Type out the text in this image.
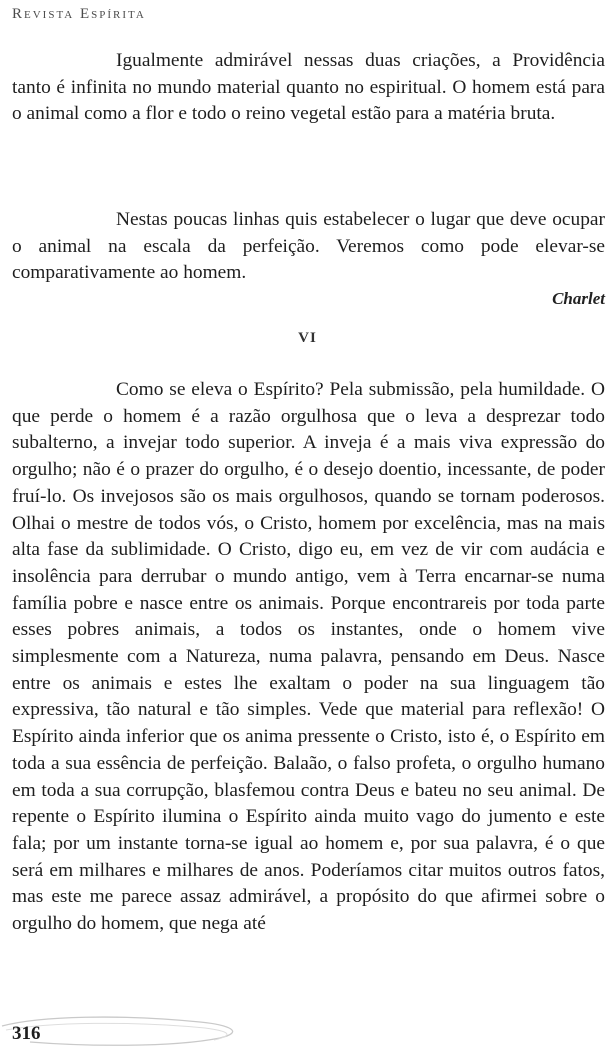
Revista Espírita

Igualmente admirável nessas duas criações, a Providência tanto é infinita no mundo material quanto no espiritual. O homem está para o animal como a flor e todo o reino vegetal estão para a matéria bruta.

Nestas poucas linhas quis estabelecer o lugar que deve ocupar o animal na escala da perfeição. Veremos como pode elevar-se comparativamente ao homem.

Charlet
VI

Como se eleva o Espírito? Pela submissão, pela humildade. O que perde o homem é a razão orgulhosa que o leva a desprezar todo subalterno, a invejar todo superior. A inveja é a mais viva expressão do orgulho; não é o prazer do orgulho, é o desejo doentio, incessante, de poder fruí-lo. Os invejosos são os mais orgulhosos, quando se tornam poderosos. Olhai o mestre de todos vós, o Cristo, homem por excelência, mas na mais alta fase da sublimidade. O Cristo, digo eu, em vez de vir com audácia e insolência para derrubar o mundo antigo, vem à Terra encarnar-se numa família pobre e nasce entre os animais. Porque encontrareis por toda parte esses pobres animais, a todos os instantes, onde o homem vive simplesmente com a Natureza, numa palavra, pensando em Deus. Nasce entre os animais e estes lhe exaltam o poder na sua linguagem tão expressiva, tão natural e tão simples. Vede que material para reflexão! O Espírito ainda inferior que os anima pressente o Cristo, isto é, o Espírito em toda a sua essência de perfeição. Balaão, o falso profeta, o orgulho humano em toda a sua corrupção, blasfemou contra Deus e bateu no seu animal. De repente o Espírito ilumina o Espírito ainda muito vago do jumento e este fala; por um instante torna-se igual ao homem e, por sua palavra, é o que será em milhares e milhares de anos. Poderíamos citar muitos outros fatos, mas este me parece assaz admirável, a propósito do que afirmei sobre o orgulho do homem, que nega até

316
